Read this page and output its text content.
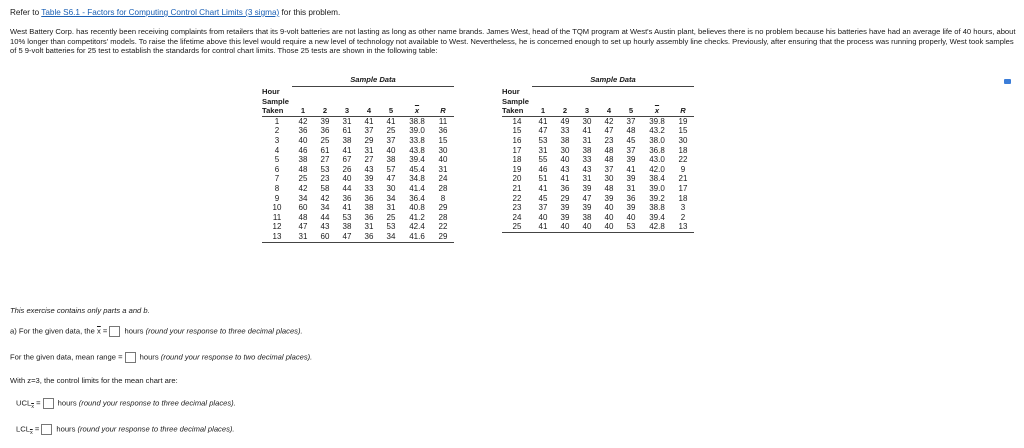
Refer to Table S6.1 - Factors for Computing Control Chart Limits (3 sigma) for this problem.
West Battery Corp. has recently been receiving complaints from retailers that its 9-volt batteries are not lasting as long as other name brands. James West, head of the TQM program at West's Austin plant, believes there is no problem because his batteries have had an average life of 40 hours, about 10% longer than competitors' models. To raise the lifetime above this level would require a new level of technology not available to West. Nevertheless, he is concerned enough to set up hourly assembly line checks. Previously, after ensuring that the process was running properly, West took samples of 5 9-volt batteries for 25 test to establish the standards for control chart limits. Those 25 tests are shown in the following table:
	Sample Data						
Hour							
Sample							
Taken	1	2	3	4	5	$\overline{x}$	R
1	42	39	31	41	41	38.8	11
2	36	36	61	37	25	39.0	36
3	40	25	38	29	37	33.8	15
4	46	61	41	31	40	43.8	30
5	38	27	67	27	38	39.4	40
6	48	53	26	43	57	45.4	31
7	25	23	40	39	47	34.8	24
8	42	58	44	33	30	41.4	28
9	34	42	36	36	34	36.4	8
10	60	34	41	38	31	40.8	29
11	48	44	53	36	25	41.2	28
12	47	43	38	31	53	42.4	22
13	31	60	47	36	34	41.6	29
	Sample Data						
Hour							
Sample							
Taken	1	2	3	4	5	$\overline{x}$	R
14	41	49	30	42	37	39.8	19
15	47	33	41	47	48	43.2	15
16	53	38	31	23	45	38.0	30
17	31	30	38	48	37	36.8	18
18	55	40	33	48	39	43.0	22
19	46	43	43	37	41	42.0	9
20	51	41	31	30	39	38.4	21
21	41	36	39	48	31	39.0	17
22	45	29	47	39	36	39.2	18
23	37	39	39	40	39	38.8	3
24	40	39	38	40	40	39.4	2
25	41	40	40	40	53	42.8	13
This exercise contains only parts a and b.
a) For the given data, the $\overline{x}$ = hours (round your response to three decimal places).
For the given data, mean range = hours (round your response to two decimal places).
With z=3, the control limits for the mean chart are:
$UCL_{\overline{x}}$ = hours (round your response to three decimal places).
$LCL_{\overline{x}}$ = hours (round your response to three decimal places).
